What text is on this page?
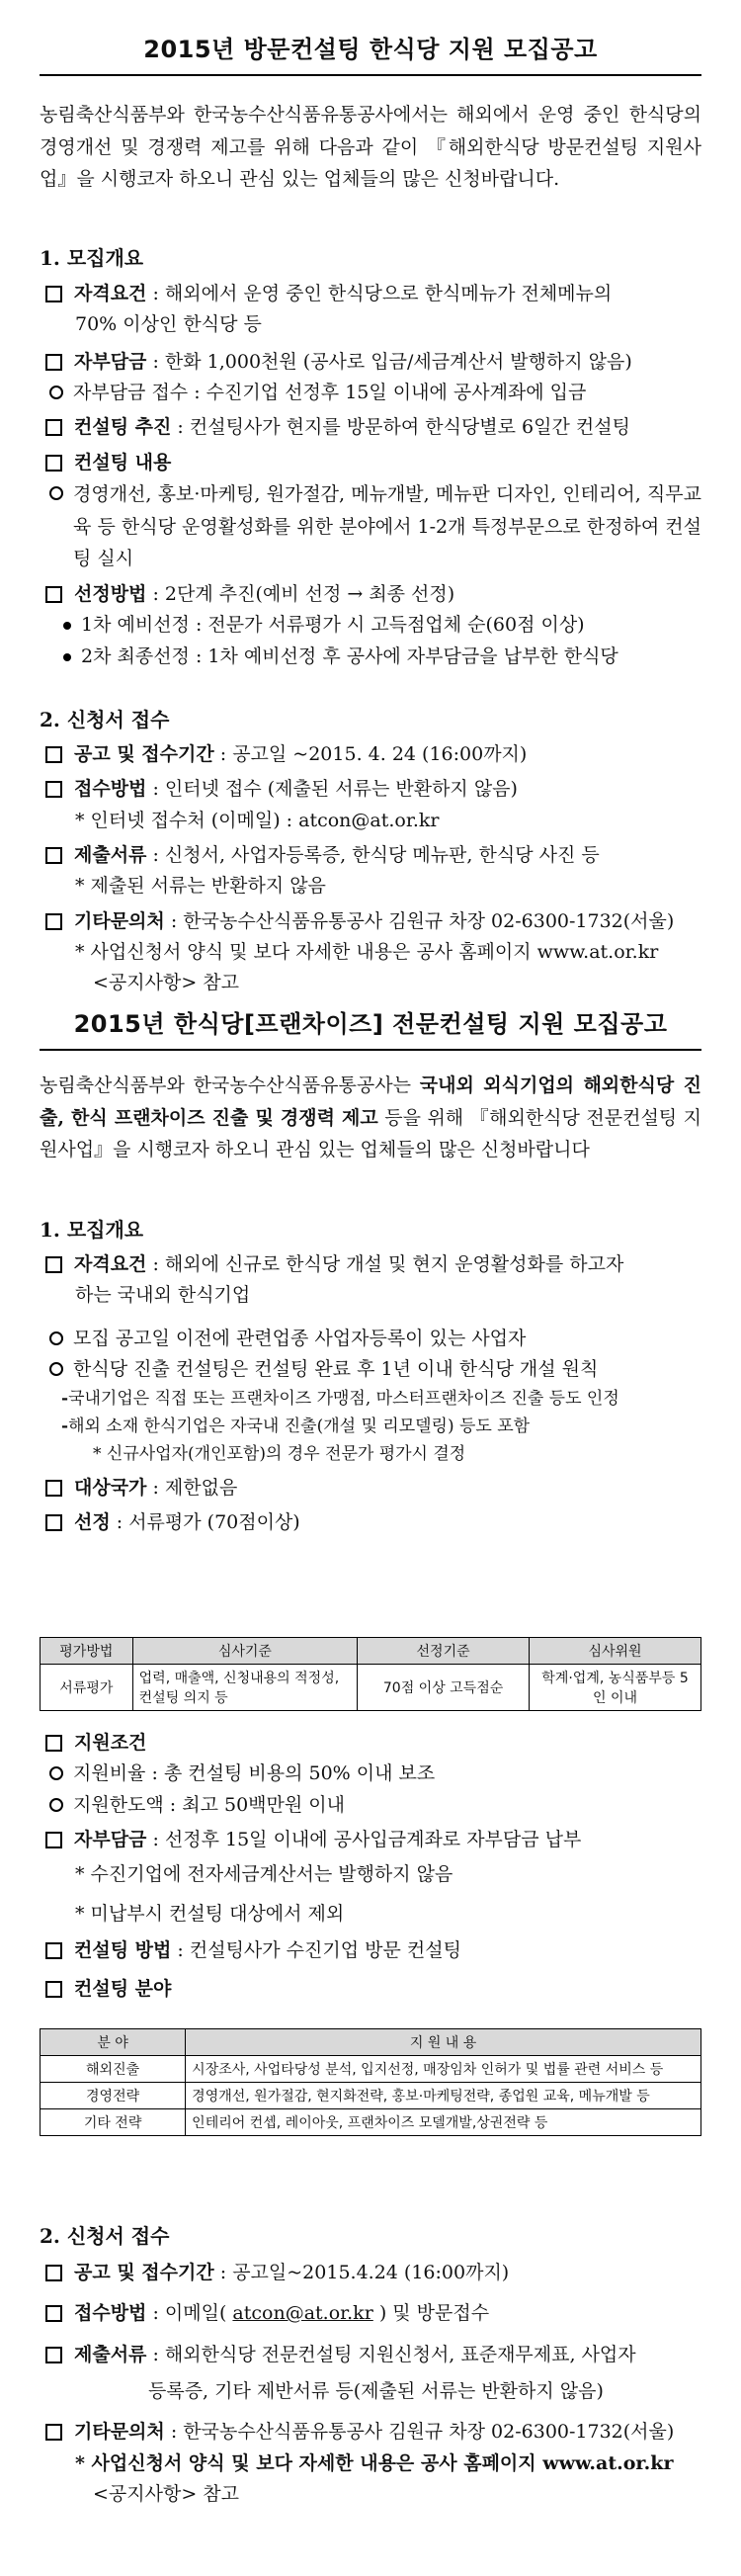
2015년 방문컨설팅 한식당 지원 모집공고
농림축산식품부와 한국농수산식품유통공사에서는 해외에서 운영 중인 한식당의 경영개선 및 경쟁력 제고를 위해 다음과 같이 『해외한식당 방문컨설팅 지원사업』을 시행코자 하오니 관심 있는 업체들의 많은 신청바랍니다.
1. 모집개요
자격요건 : 해외에서 운영 중인 한식당으로 한식메뉴가 전체메뉴의
70% 이상인 한식당 등
자부담금 : 한화 1,000천원 (공사로 입금/세금계산서 발행하지 않음)
자부담금 접수 : 수진기업 선정후 15일 이내에 공사계좌에 입금
컨설팅 추진 : 컨설팅사가 현지를 방문하여 한식당별로 6일간 컨설팅
컨설팅 내용
경영개선, 홍보·마케팅, 원가절감, 메뉴개발, 메뉴판 디자인, 인테리어, 직무교육 등 한식당 운영활성화를 위한 분야에서 1-2개 특정부문으로 한정하여 컨설팅 실시
선정방법 : 2단계 추진(예비 선정 → 최종 선정)
1차 예비선정 : 전문가 서류평가 시 고득점업체 순(60점 이상)
2차 최종선정 : 1차 예비선정 후 공사에 자부담금을 납부한 한식당
2. 신청서 접수
공고 및 접수기간 : 공고일 ~2015. 4. 24 (16:00까지)
접수방법 : 인터넷 접수 (제출된 서류는 반환하지 않음)
* 인터넷 접수처 (이메일) : atcon@at.or.kr
제출서류 : 신청서, 사업자등록증, 한식당 메뉴판, 한식당 사진 등
* 제출된 서류는 반환하지 않음
기타문의처 : 한국농수산식품유통공사 김원규 차장 02-6300-1732(서울)
* 사업신청서 양식 및 보다 자세한 내용은 공사 홈페이지 www.at.or.kr
<공지사항> 참고
2015년 한식당[프랜차이즈] 전문컨설팅 지원 모집공고
농림축산식품부와 한국농수산식품유통공사는 국내외 외식기업의 해외한식당 진출, 한식 프랜차이즈 진출 및 경쟁력 제고 등을 위해 『해외한식당 전문컨설팅 지원사업』을 시행코자 하오니 관심 있는 업체들의 많은 신청바랍니다
1. 모집개요
자격요건 : 해외에 신규로 한식당 개설 및 현지 운영활성화를 하고자
하는 국내외 한식기업
모집 공고일 이전에 관련업종 사업자등록이 있는 사업자
한식당 진출 컨설팅은 컨설팅 완료 후 1년 이내 한식당 개설 원칙
- 국내기업은 직접 또는 프랜차이즈 가맹점, 마스터프랜차이즈 진출 등도 인정
- 해외 소재 한식기업은 자국내 진출(개설 및 리모델링) 등도 포함
* 신규사업자(개인포함)의 경우 전문가 평가시 결정
대상국가 : 제한없음
선정 : 서류평가 (70점이상)
평가방법	심사기준	선정기준	심사위원
서류평가	업력, 매출액, 신청내용의 적정성, 컨설팅 의지 등	70점 이상 고득점순	학계·업계, 농식품부등 5인 이내
지원조건
지원비율 : 총 컨설팅 비용의 50% 이내 보조
지원한도액 : 최고 50백만원 이내
자부담금 : 선정후 15일 이내에 공사입금계좌로 자부담금 납부
* 수진기업에 전자세금계산서는 발행하지 않음
* 미납부시 컨설팅 대상에서 제외
컨설팅 방법 : 컨설팅사가 수진기업 방문 컨설팅
컨설팅 분야
분 야	지 원 내 용
해외진출	시장조사, 사업타당성 분석, 입지선정, 매장임차 인허가 및 법률 관련 서비스 등
경영전략	경영개선, 원가절감, 현지화전략, 홍보·마케팅전략, 종업원 교육, 메뉴개발 등
기타 전략	인테리어 컨셉, 레이아웃, 프랜차이즈 모델개발,상권전략 등
2. 신청서 접수
공고 및 접수기간 : 공고일~2015.4.24 (16:00까지)
접수방법 : 이메일( atcon@at.or.kr ) 및 방문접수
제출서류 : 해외한식당 전문컨설팅 지원신청서, 표준재무제표, 사업자
등록증, 기타 제반서류 등(제출된 서류는 반환하지 않음)
기타문의처 : 한국농수산식품유통공사 김원규 차장 02-6300-1732(서울)
* 사업신청서 양식 및 보다 자세한 내용은 공사 홈페이지 www.at.or.kr
<공지사항> 참고
